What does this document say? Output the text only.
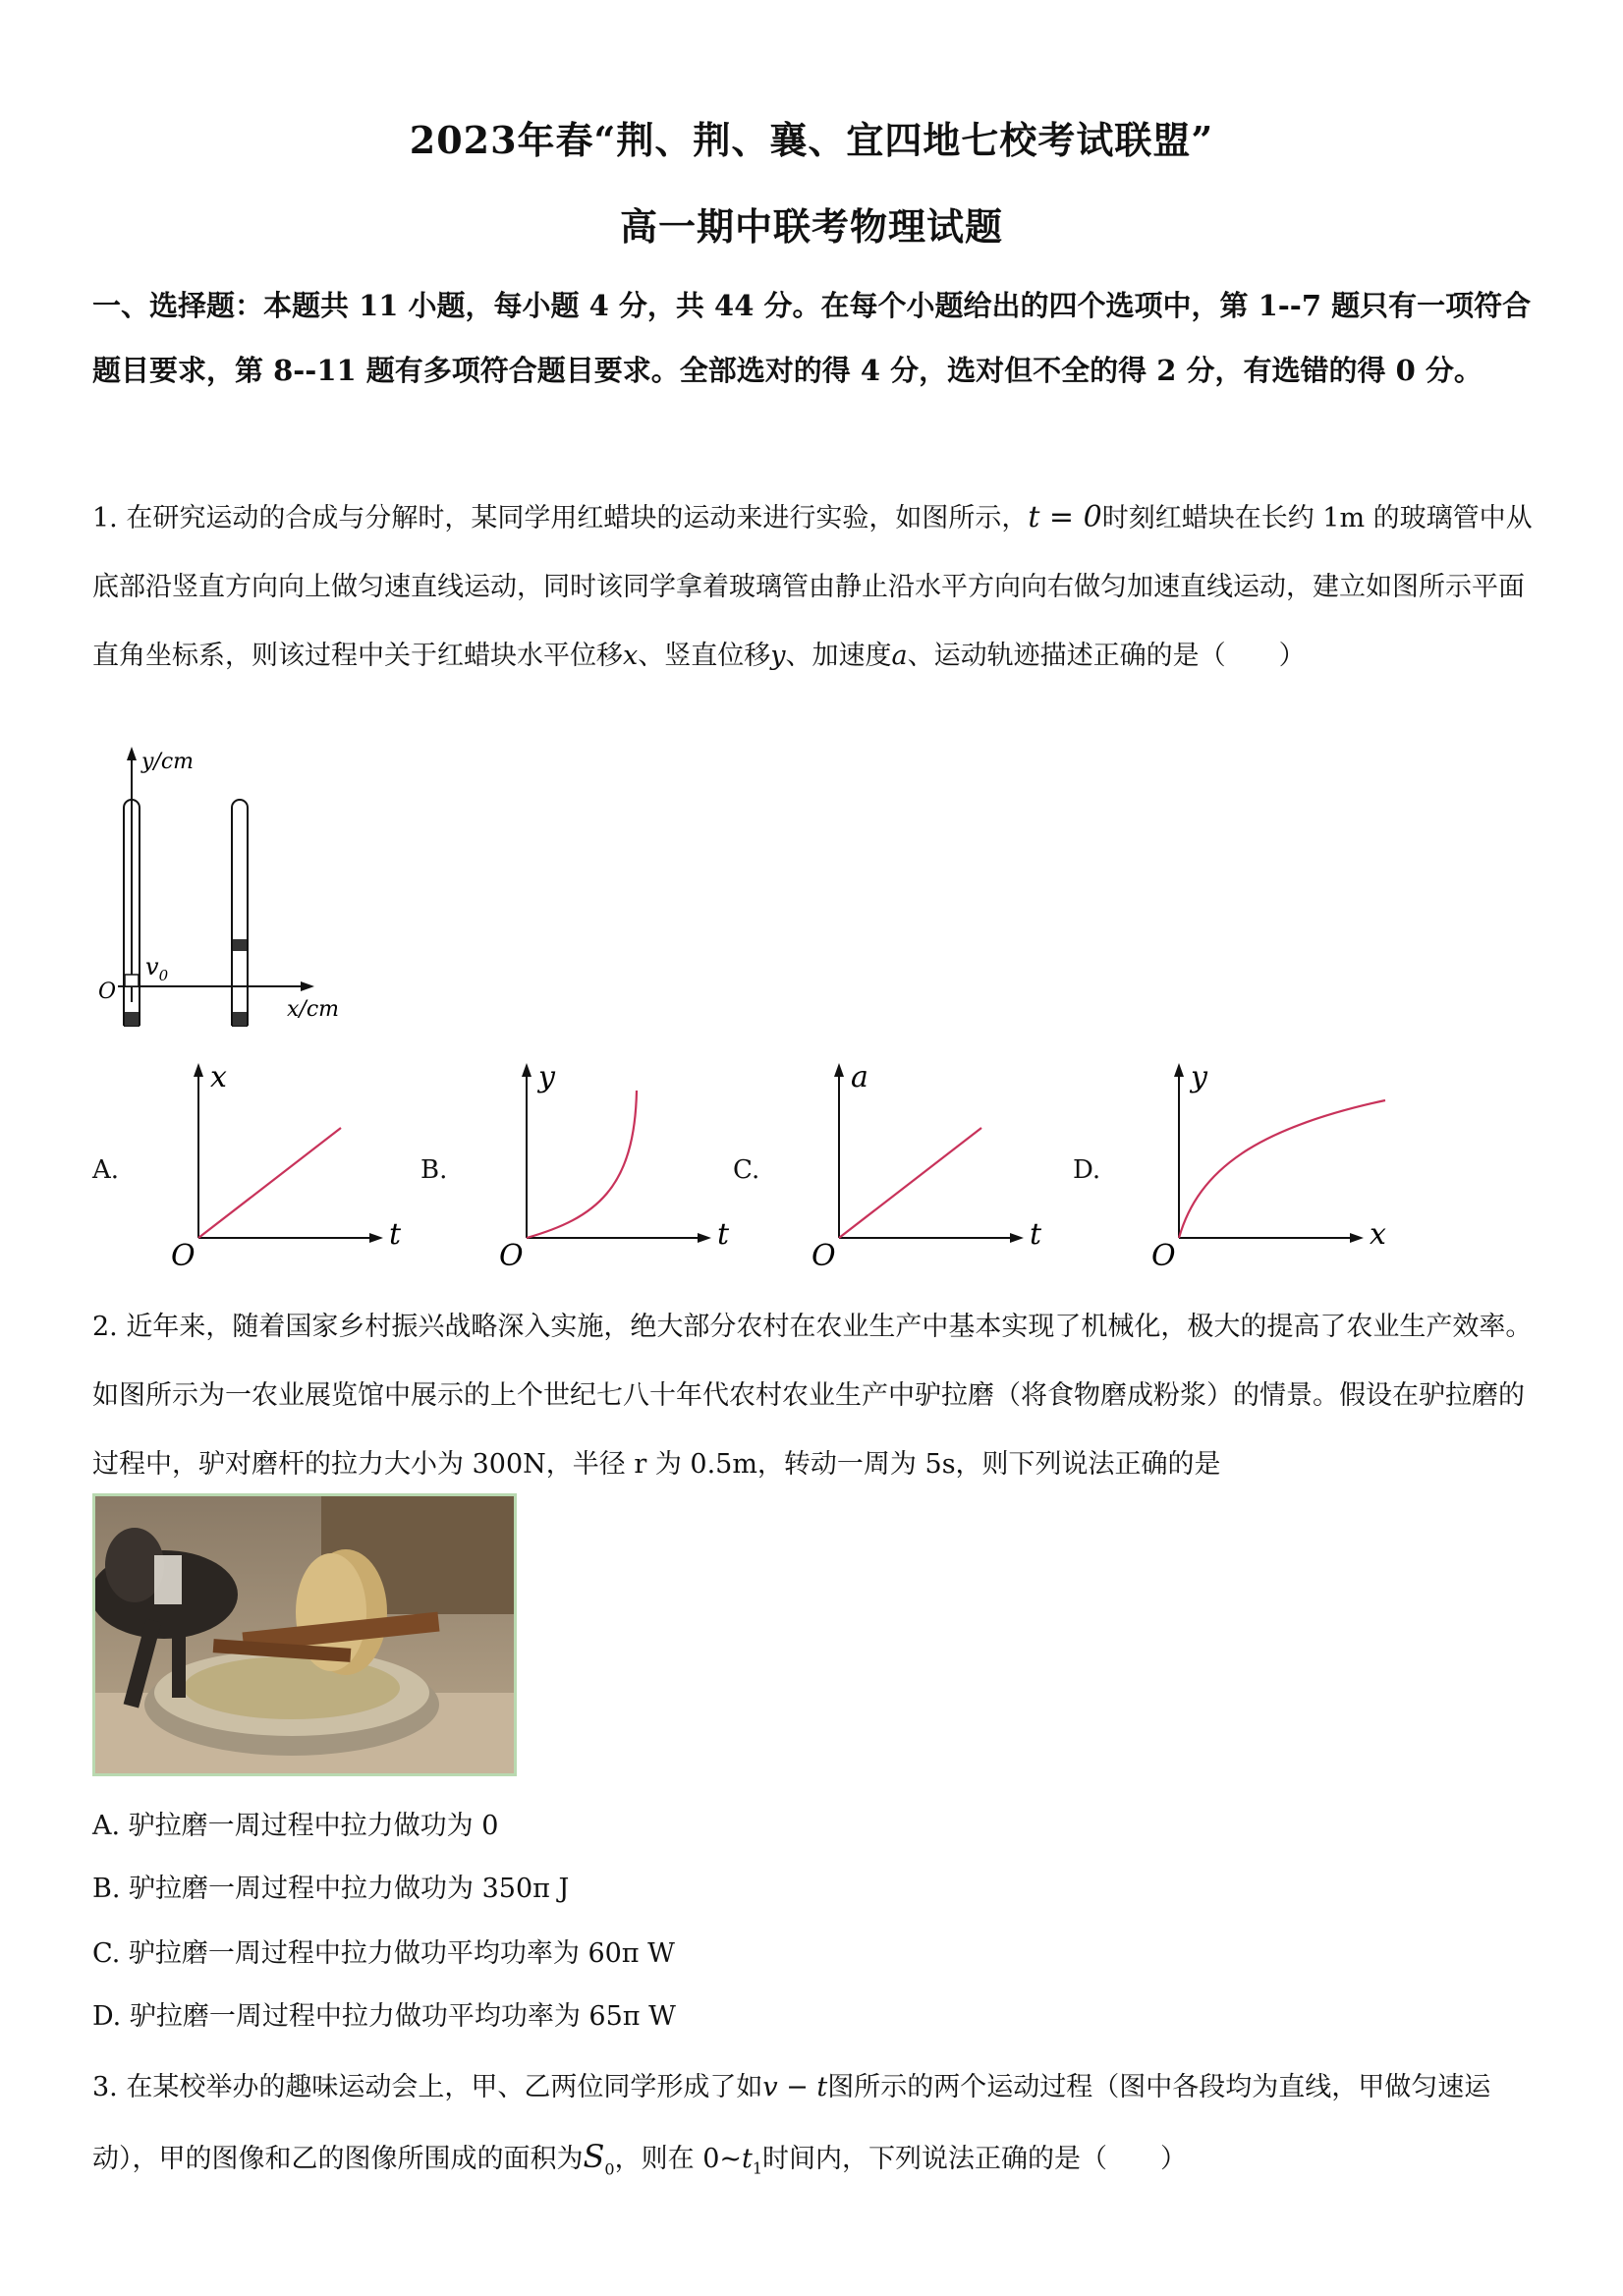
2023年春“荆、荆、襄、宜四地七校考试联盟”
高一期中联考物理试题
一、选择题：本题共 11 小题，每小题 4 分，共 44 分。在每个小题给出的四个选项中，第 1--7 题只有一项符合题目要求，第 8--11 题有多项符合题目要求。全部选对的得 4 分，选对但不全的得 2 分，有选错的得 0 分。
1. 在研究运动的合成与分解时，某同学用红蜡块的运动来进行实验，如图所示，t = 0时刻红蜡块在长约 1m 的玻璃管中从底部沿竖直方向向上做匀速直线运动，同时该同学拿着玻璃管由静止沿水平方向向右做匀加速直线运动，建立如图所示平面直角坐标系，则该过程中关于红蜡块水平位移x、竖直位移y、加速度a、运动轨迹描述正确的是（　　）
y/cm
x/cm
O
$v_0$
A.
x
t
O
B.
y
t
O
C.
a
t
O
D.
y
x
O
2. 近年来，随着国家乡村振兴战略深入实施，绝大部分农村在农业生产中基本实现了机械化，极大的提高了农业生产效率。如图所示为一农业展览馆中展示的上个世纪七八十年代农村农业生产中驴拉磨（将食物磨成粉浆）的情景。假设在驴拉磨的过程中，驴对磨杆的拉力大小为 300N，半径 r 为 0.5m，转动一周为 5s，则下列说法正确的是
A. 驴拉磨一周过程中拉力做功为 0
B. 驴拉磨一周过程中拉力做功为 350π J
C. 驴拉磨一周过程中拉力做功平均功率为 60π W
D. 驴拉磨一周过程中拉力做功平均功率为 65π W
3. 在某校举办的趣味运动会上，甲、乙两位同学形成了如v − t图所示的两个运动过程（图中各段均为直线，甲做匀速运动），甲的图像和乙的图像所围成的面积为$S_0$，则在 $0\sim t_1$时间内，下列说法正确的是（　　）
